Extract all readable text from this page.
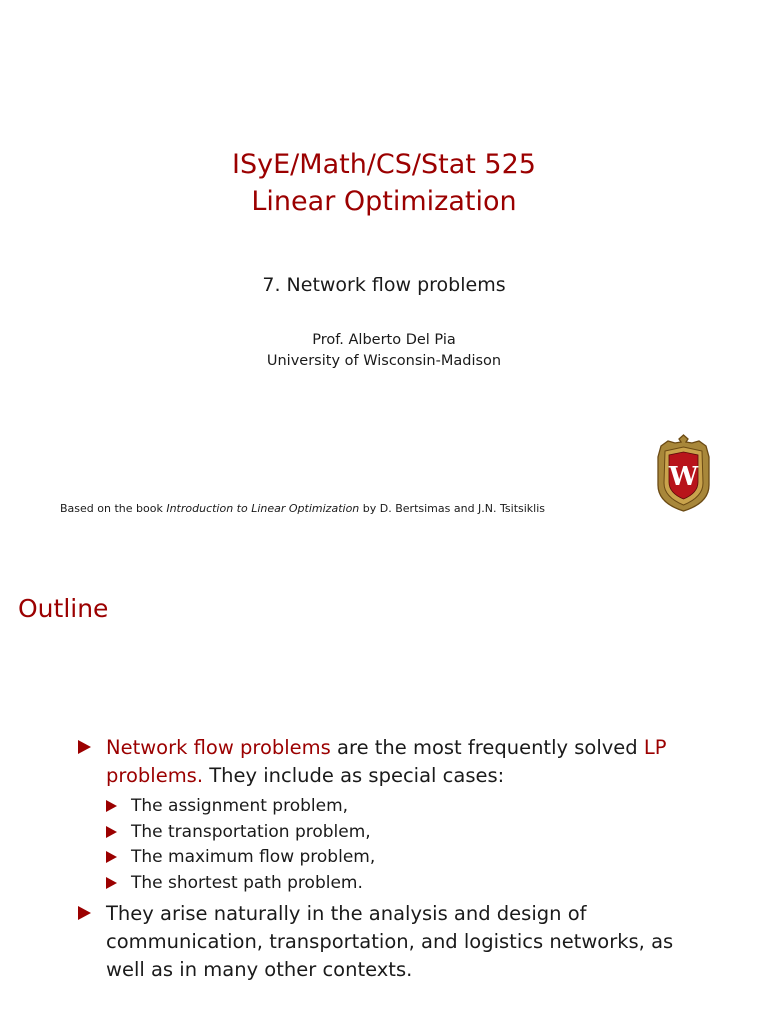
ISyE/Math/CS/Stat 525
Linear Optimization
7. Network flow problems
Prof. Alberto Del Pia
University of Wisconsin-Madison
W
Based on the book Introduction to Linear Optimization by D. Bertsimas and J.N. Tsitsiklis
Outline
Network flow problems are the most frequently solved LP problems. They include as special cases:
The assignment problem,
The transportation problem,
The maximum flow problem,
The shortest path problem.
They arise naturally in the analysis and design of communication, transportation, and logistics networks, as well as in many other contexts.
